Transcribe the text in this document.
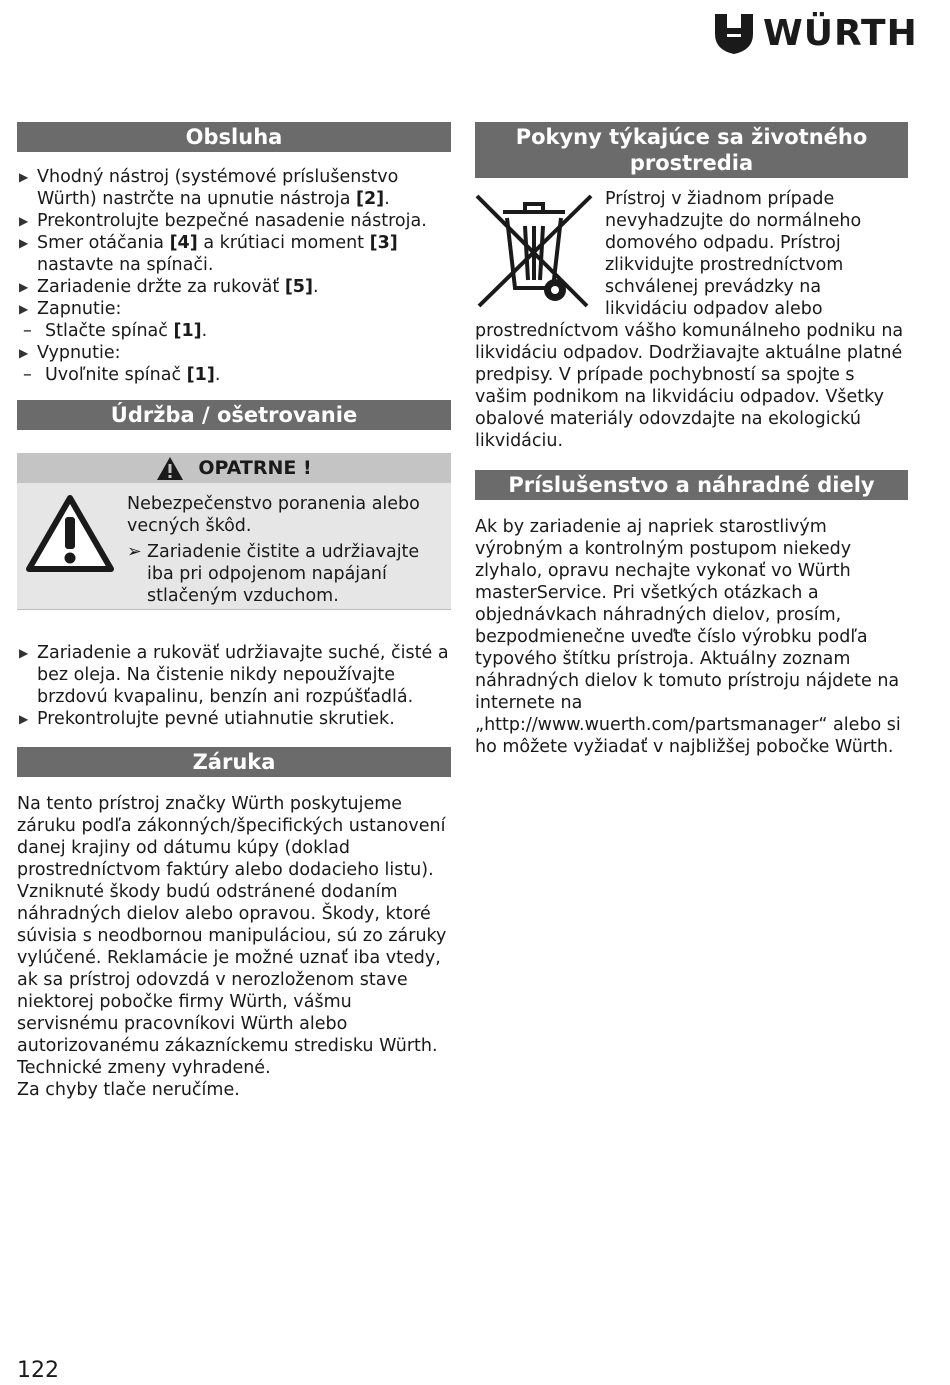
WÜRTH
Obsluha
▶ Vhodný nástroj (systémové príslušenstvo Würth) nastrčte na upnutie nástroja [2].
▶ Prekontrolujte bezpečné nasadenie nástroja.
▶ Smer otáčania [4] a krútiaci moment [3] nastavte na spínači.
▶ Zariadenie držte za rukoväť [5].
▶ Zapnutie:
– Stlačte spínač [1].
▶ Vypnutie:
– Uvoľnite spínač [1].
Údržba / ošetrovanie
OPATRNE !
Nebezpečenstvo poranenia alebo vecných škôd.
➢ Zariadenie čistite a udržiavajte iba pri odpojenom napájaní stlačeným vzduchom.
▶ Zariadenie a rukoväť udržiavajte suché, čisté a bez oleja. Na čistenie nikdy nepoužívajte brzdovú kvapalinu, benzín ani rozpúšťadlá.
▶ Prekontrolujte pevné utiahnutie skrutiek.
Záruka
Na tento prístroj značky Würth poskytujeme záruku podľa zákonných/špecifických ustanovení danej krajiny od dátumu kúpy (doklad prostredníctvom faktúry alebo dodacieho listu). Vzniknuté škody budú odstránené dodaním náhradných dielov alebo opravou. Škody, ktoré súvisia s neodbornou manipuláciou, sú zo záruky vylúčené. Reklamácie je možné uznať iba vtedy, ak sa prístroj odovzdá v nerozloženom stave niektorej pobočke firmy Würth, vášmu servisnému pracovníkovi Würth alebo autorizovanému zákazníckemu stredisku Würth. Technické zmeny vyhradené.
Za chyby tlače neručíme.
Pokyny týkajúce sa životného prostredia
Prístroj v žiadnom prípade nevyhadzujte do normálneho domového odpadu. Prístroj zlikvidujte prostredníctvom schválenej prevádzky na likvidáciu odpadov alebo prostredníctvom vášho komunálneho podniku na likvidáciu odpadov. Dodržiavajte aktuálne platné predpisy. V prípade pochybností sa spojte s vašim podnikom na likvidáciu odpadov. Všetky obalové materiály odovzdajte na ekologickú likvidáciu.
Príslušenstvo a náhradné diely
Ak by zariadenie aj napriek starostlivým výrobným a kontrolným postupom niekedy zlyhalo, opravu nechajte vykonať vo Würth masterService. Pri všetkých otázkach a objednávkach náhradných dielov, prosím, bezpodmienečne uveďte číslo výrobku podľa typového štítku prístroja. Aktuálny zoznam náhradných dielov k tomuto prístroju nájdete na internete na „http://www.wuerth.com/partsmanager“ alebo si ho môžete vyžiadať v najbližšej pobočke Würth.
122
